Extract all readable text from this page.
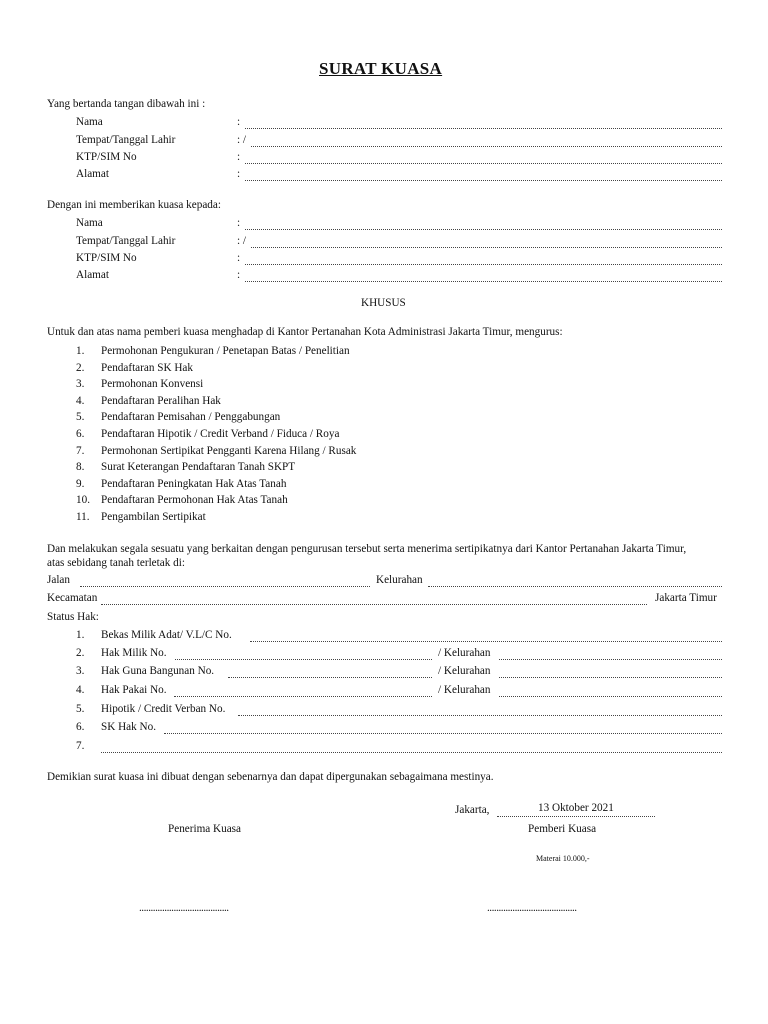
SURAT KUASA
Yang bertanda tangan dibawah ini :
Nama	:
Tempat/Tanggal Lahir	: /
KTP/SIM No	:
Alamat	:
Dengan ini memberikan kuasa kepada:
Nama	:
Tempat/Tanggal Lahir	: /
KTP/SIM No	:
Alamat	:
KHUSUS
Untuk dan atas nama pemberi kuasa menghadap di Kantor Pertanahan Kota Administrasi Jakarta Timur, mengurus:
1. Permohonan Pengukuran / Penetapan Batas / Penelitian
2. Pendaftaran SK Hak
3. Permohonan Konvensi
4. Pendaftaran Peralihan Hak
5. Pendaftaran Pemisahan / Penggabungan
6. Pendaftaran Hipotik / Credit Verband / Fiduca / Roya
7. Permohonan Sertipikat Pengganti Karena Hilang / Rusak
8. Surat Keterangan Pendaftaran Tanah SKPT
9. Pendaftaran Peningkatan Hak Atas Tanah
10. Pendaftaran Permohonan Hak Atas Tanah
11. Pengambilan Sertipikat
Dan melakukan segala sesuatu yang berkaitan dengan pengurusan tersebut serta menerima sertipikatnya dari Kantor Pertanahan Jakarta Timur,
atas sebidang tanah terletak di:
Jalan	Kelurahan
Kecamatan	Jakarta Timur
Status Hak:
1. Bekas Milik Adat/ V.L/C No.
2. Hak Milik No.	/ Kelurahan
3. Hak Guna Bangunan No.	/ Kelurahan
4. Hak Pakai No.	/ Kelurahan
5. Hipotik / Credit Verban No.
6. SK Hak No.
7.
Demikian surat kuasa ini dibuat dengan sebenarnya dan dapat dipergunakan sebagaimana mestinya.
Jakarta,	13 Oktober 2021
Penerima Kuasa	Pemberi Kuasa
Materai 10.000,-
.......................................	.......................................
